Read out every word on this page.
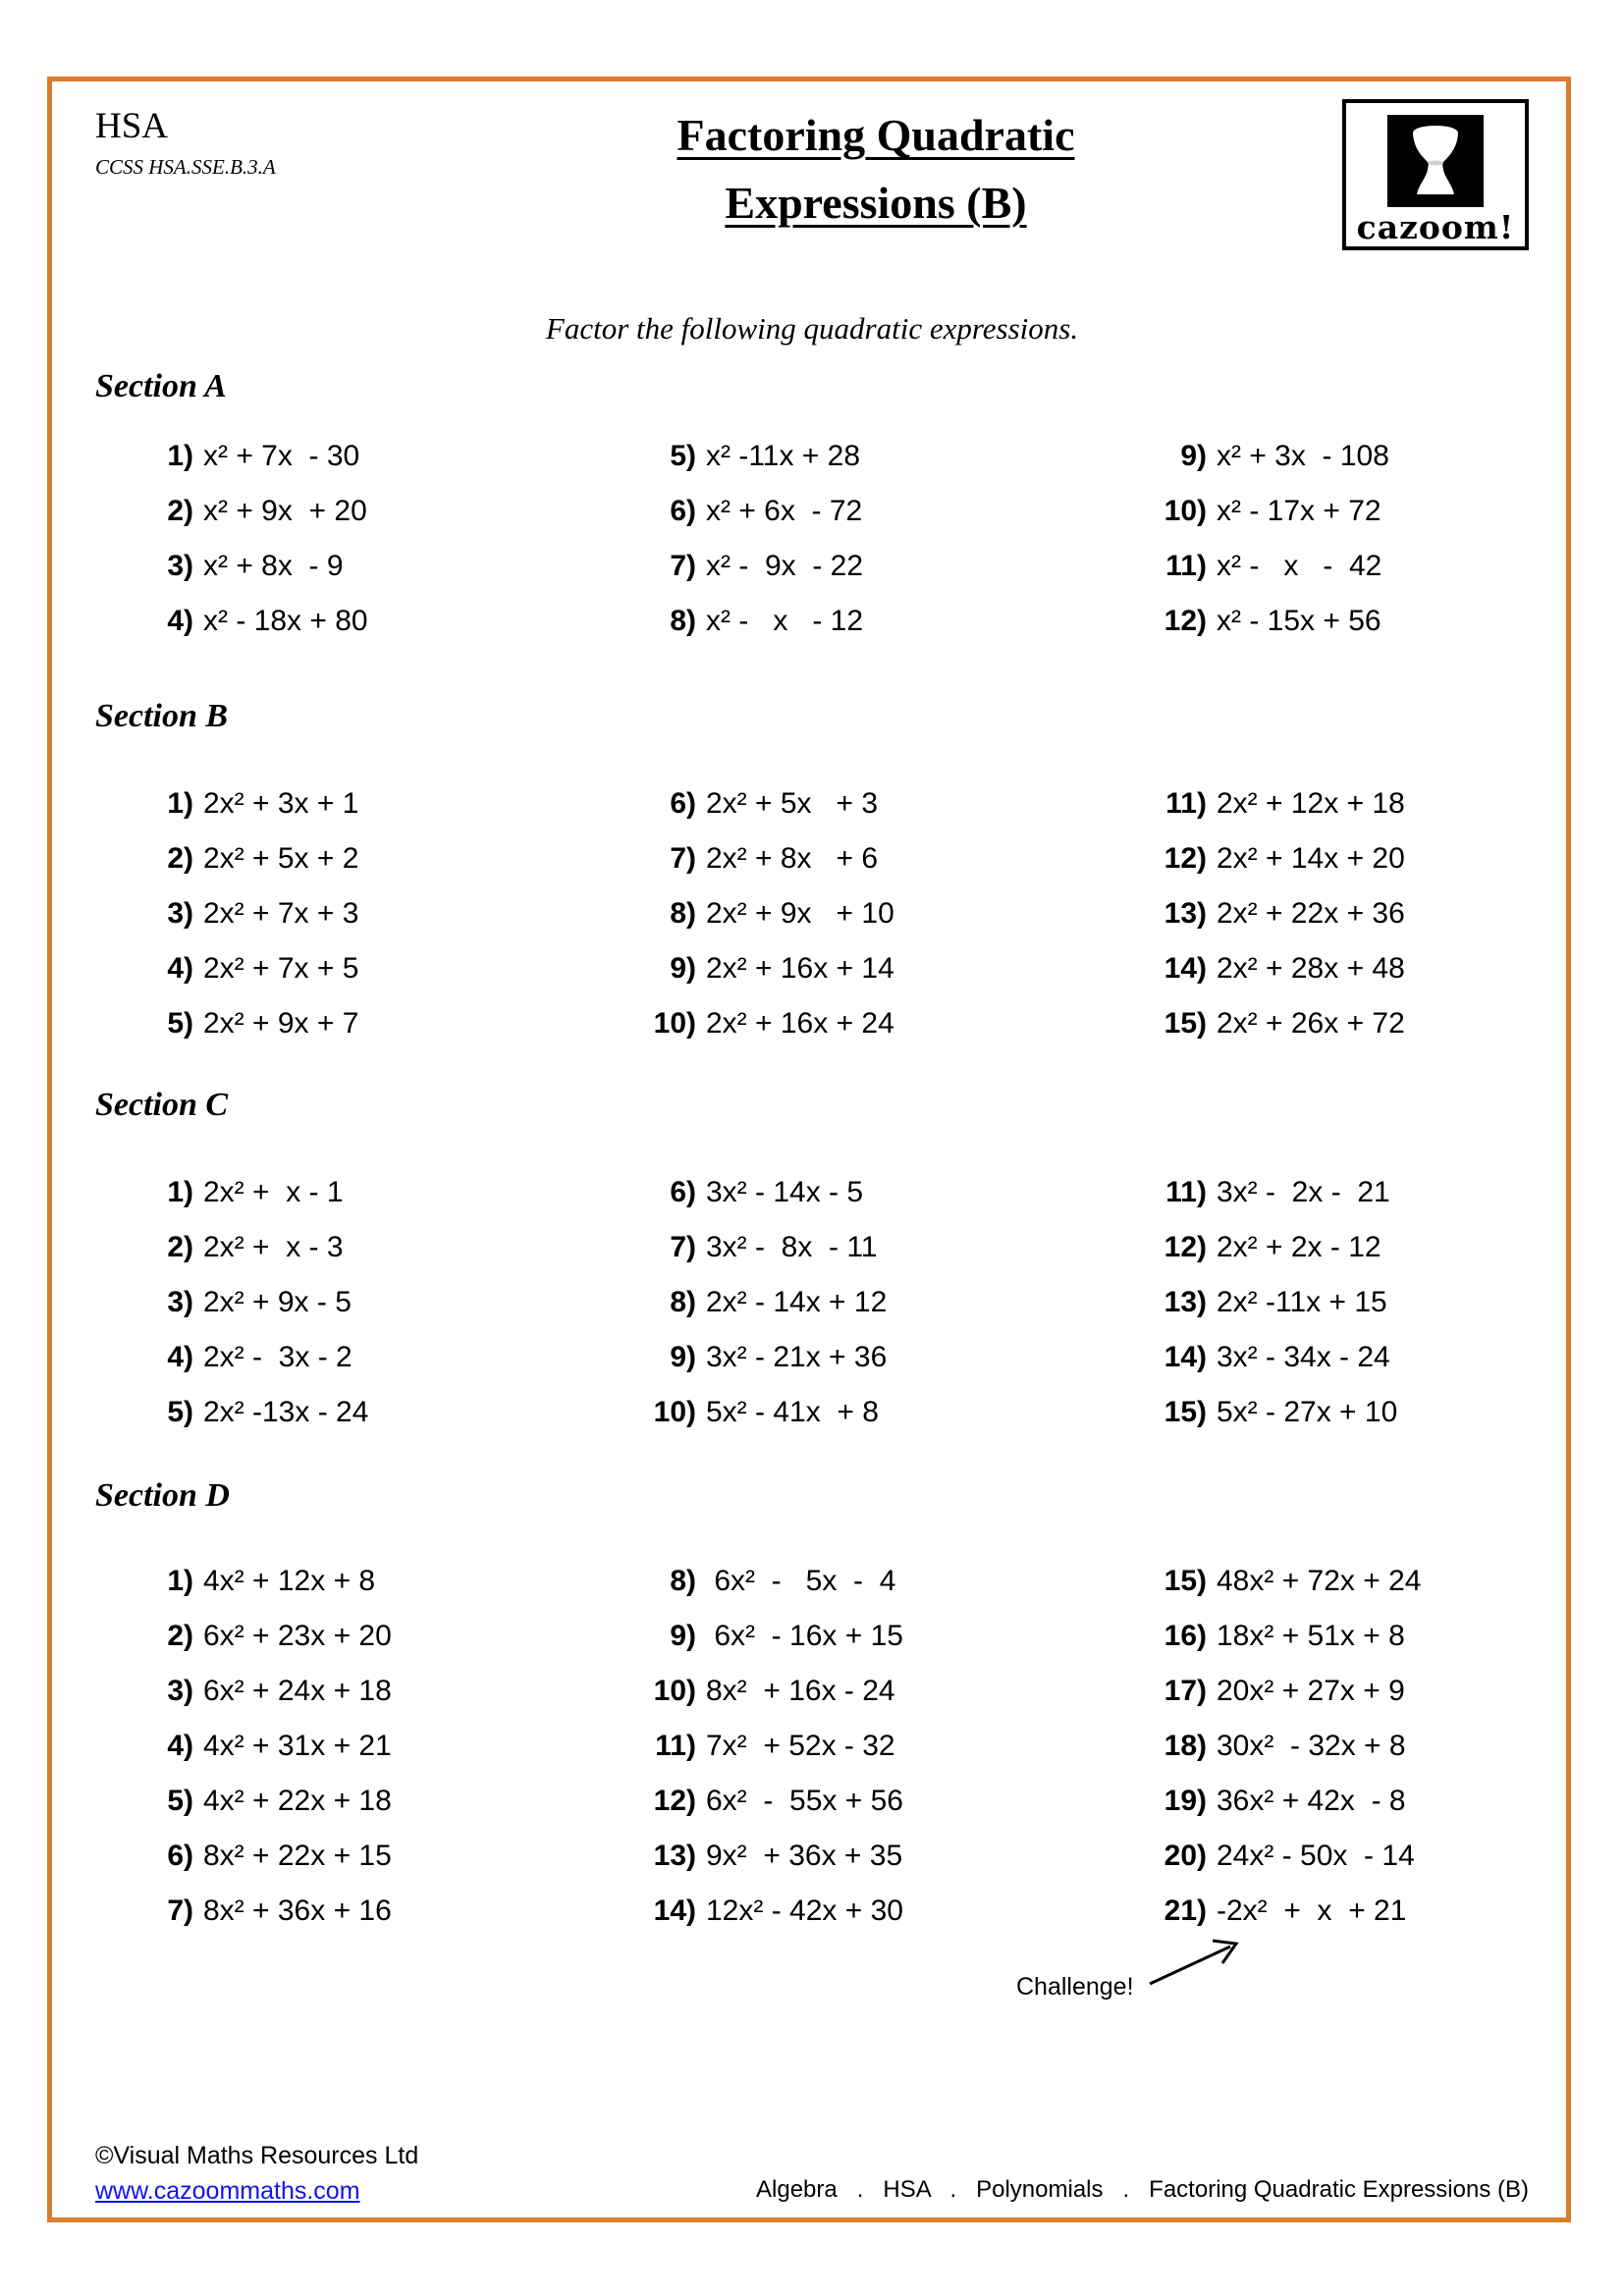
HSA
CCSS HSA.SSE.B.3.A
Factoring Quadratic
Expressions (B)	cazoom!
Factor the following quadratic expressions.
Section A
1) x² + 7x  - 30
2) x² + 9x  + 20
3) x² + 8x  - 9
4) x² - 18x + 80
5) x² -11x + 28
6) x² + 6x  - 72
7) x² -  9x  - 22
8) x² -   x   - 12
9) x² + 3x  - 108
10) x² - 17x + 72
11) x² -   x   -  42
12) x² - 15x + 56
Section B
1) 2x² + 3x + 1
2) 2x² + 5x + 2
3) 2x² + 7x + 3
4) 2x² + 7x + 5
5) 2x² + 9x + 7
6) 2x² + 5x   + 3
7) 2x² + 8x   + 6
8) 2x² + 9x   + 10
9) 2x² + 16x + 14
10) 2x² + 16x + 24
11) 2x² + 12x + 18
12) 2x² + 14x + 20
13) 2x² + 22x + 36
14) 2x² + 28x + 48
15) 2x² + 26x + 72
Section C
1) 2x² +  x - 1
2) 2x² +  x - 3
3) 2x² + 9x - 5
4) 2x² -  3x - 2
5) 2x² -13x - 24
6) 3x² - 14x - 5
7) 3x² -  8x  - 11
8) 2x² - 14x + 12
9) 3x² - 21x + 36
10) 5x² - 41x  + 8
11) 3x² -  2x -  21
12) 2x² + 2x - 12
13) 2x² -11x + 15
14) 3x² - 34x - 24
15) 5x² - 27x + 10
Section D
1) 4x² + 12x + 8
2) 6x² + 23x + 20
3) 6x² + 24x + 18
4) 4x² + 31x + 21
5) 4x² + 22x + 18
6) 8x² + 22x + 15
7) 8x² + 36x + 16
8) 6x²  -   5x  -  4
9) 6x²  - 16x + 15
10) 8x²  + 16x - 24
11) 7x²  + 52x - 32
12) 6x²  -  55x + 56
13) 9x²  + 36x + 35
14) 12x² - 42x + 30
15) 48x² + 72x + 24
16) 18x² + 51x + 8
17) 20x² + 27x + 9
18) 30x²  - 32x + 8
19) 36x² + 42x  - 8
20) 24x² - 50x  - 14
21) -2x²  +  x  + 21
Challenge!
©Visual Maths Resources Ltd
www.cazoommaths.com	Algebra   .   HSA   .   Polynomials   .   Factoring Quadratic Expressions (B)
